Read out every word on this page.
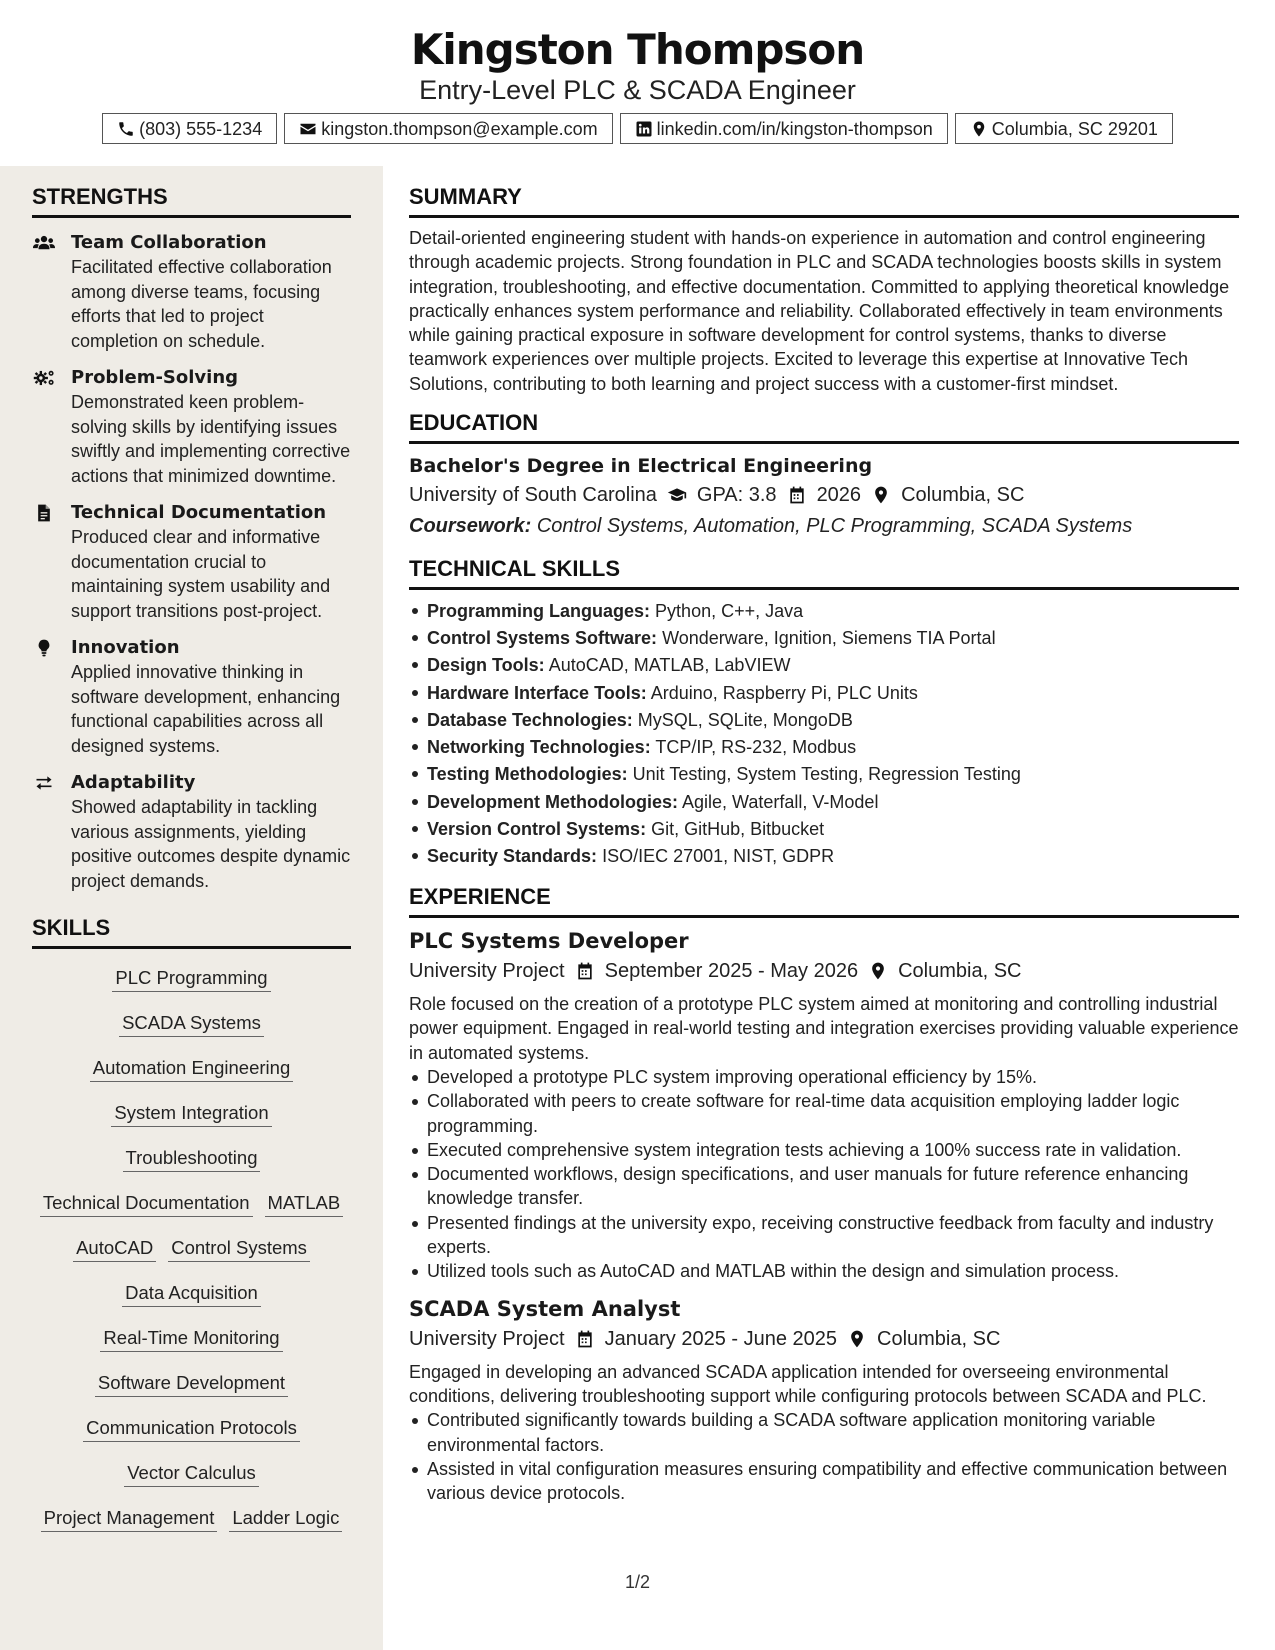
Kingston Thompson
Entry-Level PLC & SCADA Engineer
(803) 555-1234	kingston.thompson@example.com	linkedin.com/in/kingston-thompson	Columbia, SC 29201
STRENGTHS
Team Collaboration
Facilitated effective collaboration among diverse teams, focusing efforts that led to project completion on schedule.
Problem-Solving
Demonstrated keen problem-solving skills by identifying issues swiftly and implementing corrective actions that minimized downtime.
Technical Documentation
Produced clear and informative documentation crucial to maintaining system usability and support transitions post-project.
Innovation
Applied innovative thinking in software development, enhancing functional capabilities across all designed systems.
Adaptability
Showed adaptability in tackling various assignments, yielding positive outcomes despite dynamic project demands.
SKILLS
PLC ProgrammingSCADA Systems
Automation Engineering
System Integration
Troubleshooting
Technical Documentation MATLAB
AutoCAD Control Systems
Data Acquisition
Real-Time Monitoring
Software Development
Communication Protocols
Vector Calculus
Project Management Ladder Logic
SUMMARY
Detail-oriented engineering student with hands-on experience in automation and control engineering through academic projects. Strong foundation in PLC and SCADA technologies boosts skills in system integration, troubleshooting, and effective documentation. Committed to applying theoretical knowledge practically enhances system performance and reliability. Collaborated effectively in team environments while gaining practical exposure in software development for control systems, thanks to diverse teamwork experiences over multiple projects. Excited to leverage this expertise at Innovative Tech Solutions, contributing to both learning and project success with a customer-first mindset.
EDUCATION
Bachelor's Degree in Electrical Engineering
University of South Carolina GPA: 3.8 2026 Columbia, SC
Coursework: Control Systems, Automation, PLC Programming, SCADA Systems
TECHNICAL SKILLS
Programming Languages: Python, C++, Java
Control Systems Software: Wonderware, Ignition, Siemens TIA Portal
Design Tools: AutoCAD, MATLAB, LabVIEW
Hardware Interface Tools: Arduino, Raspberry Pi, PLC Units
Database Technologies: MySQL, SQLite, MongoDB
Networking Technologies: TCP/IP, RS-232, Modbus
Testing Methodologies: Unit Testing, System Testing, Regression Testing
Development Methodologies: Agile, Waterfall, V-Model
Version Control Systems: Git, GitHub, Bitbucket
Security Standards: ISO/IEC 27001, NIST, GDPR
EXPERIENCE
PLC Systems Developer
University Project September 2025 - May 2026 Columbia, SC
Role focused on the creation of a prototype PLC system aimed at monitoring and controlling industrial power equipment. Engaged in real-world testing and integration exercises providing valuable experience in automated systems.
Developed a prototype PLC system improving operational efficiency by 15%.
Collaborated with peers to create software for real-time data acquisition employing ladder logic programming.
Executed comprehensive system integration tests achieving a 100% success rate in validation.
Documented workflows, design specifications, and user manuals for future reference enhancing knowledge transfer.
Presented findings at the university expo, receiving constructive feedback from faculty and industry experts.
Utilized tools such as AutoCAD and MATLAB within the design and simulation process.
SCADA System Analyst
University Project January 2025 - June 2025 Columbia, SC
Engaged in developing an advanced SCADA application intended for overseeing environmental conditions, delivering troubleshooting support while configuring protocols between SCADA and PLC.
Contributed significantly towards building a SCADA software application monitoring variable environmental factors.
Assisted in vital configuration measures ensuring compatibility and effective communication between various device protocols.
1/2
